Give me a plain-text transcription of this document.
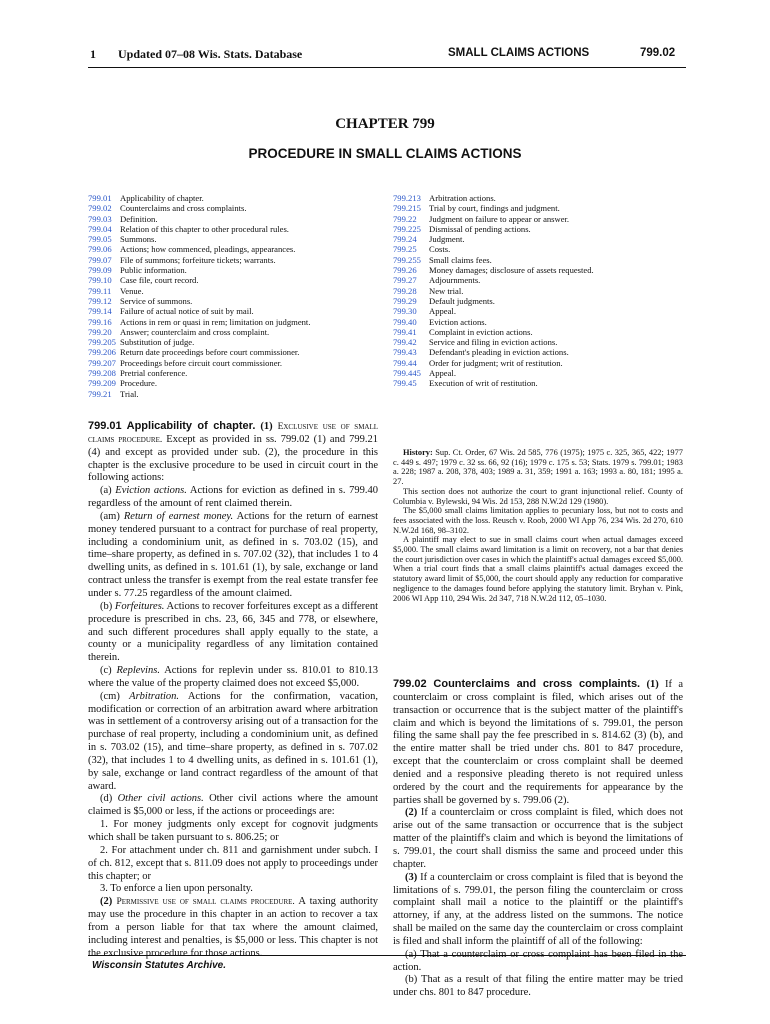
1 Updated 07–08 Wis. Stats. Database	SMALL CLAIMS ACTIONS	799.02
CHAPTER 799
PROCEDURE IN SMALL CLAIMS ACTIONS
799.01 Applicability of chapter.
799.02 Counterclaims and cross complaints.
799.03 Definition.
799.04 Relation of this chapter to other procedural rules.
799.05 Summons.
799.06 Actions; how commenced, pleadings, appearances.
799.07 File of summons; forfeiture tickets; warrants.
799.09 Public information.
799.10 Case file, court record.
799.11	Venue.
799.12 Service of summons.
799.14 Failure of actual notice of suit by mail.
799.16 Actions in rem or quasi in rem; limitation on judgment.
799.20 Answer; counterclaim and cross complaint.
799.205 Substitution of judge.
799.206 Return date proceedings before court commissioner.
799.207 Proceedings before circuit court commissioner.
799.208 Pretrial conference.
799.209 Procedure.
799.21 Trial.
799.213 Arbitration actions.
799.215 Trial by court, findings and judgment.
799.22	Judgment on failure to appear or answer.
799.225 Dismissal of pending actions.
799.24	Judgment.
799.25	Costs.
799.255 Small claims fees.
799.26	Money damages; disclosure of assets requested.
799.27	Adjournments.
799.28	New trial.
799.29	Default judgments.
799.30	Appeal.
799.40	Eviction actions.
799.41	Complaint in eviction actions.
799.42	Service and filing in eviction actions.
799.43	Defendant's pleading in eviction actions.
799.44	Order for judgment; writ of restitution.
799.445 Appeal.
799.45	Execution of writ of restitution.

799.01 Applicability of chapter. (1) Exclusive use of small claims procedure. Except as provided in ss. 799.02 (1) and 799.21 (4) and except as provided under sub. (2), the procedure in this chapter is the exclusive procedure to be used in circuit court in the following actions:

(a) Eviction actions. Actions for eviction as defined in s. 799.40 regardless of the amount of rent claimed therein.

(am) Return of earnest money. Actions for the return of earnest money tendered pursuant to a contract for purchase of real property, including a condominium unit, as defined in s. 703.02 (15), and time–share property, as defined in s. 707.02 (32), that includes 1 to 4 dwelling units, as defined in s. 101.61 (1), by sale, exchange or land contract unless the transfer is exempt from the real estate transfer fee under s. 77.25 regardless of the amount claimed.

(b) Forfeitures. Actions to recover forfeitures except as a different procedure is prescribed in chs. 23, 66, 345 and 778, or elsewhere, and such different procedures shall apply equally to the state, a county or a municipality regardless of any limitation contained therein.

(c) Replevins. Actions for replevin under ss. 810.01 to 810.13 where the value of the property claimed does not exceed $5,000.

(cm) Arbitration. Actions for the confirmation, vacation, modification or correction of an arbitration award where arbitration was in settlement of a controversy arising out of a transaction for the purchase of real property, including a condominium unit, as defined in s. 703.02 (15), and time–share property, as defined in s. 707.02 (32), that includes 1 to 4 dwelling units, as defined in s. 101.61 (1), by sale, exchange or land contract regardless of the amount of that award.

(d) Other civil actions. Other civil actions where the amount claimed is $5,000 or less, if the actions or proceedings are:

1. For money judgments only except for cognovit judgments which shall be taken pursuant to s. 806.25; or

2. For attachment under ch. 811 and garnishment under subch. I of ch. 812, except that s. 811.09 does not apply to proceedings under this chapter; or

3. To enforce a lien upon personalty.

(2) Permissive use of small claims procedure. A taxing authority may use the procedure in this chapter in an action to recover a tax from a person liable for that tax where the amount claimed, including interest and penalties, is $5,000 or less. This chapter is not the exclusive procedure for those actions.

799.02 Counterclaims and cross complaints. (1) If a counterclaim or cross complaint is filed, which arises out of the transaction or occurrence that is the subject matter of the plaintiff's claim and which is beyond the limitations of s. 799.01, the person filing the same shall pay the fee prescribed in s. 814.62 (3) (b), and the entire matter shall be tried under chs. 801 to 847 procedure, except that the counterclaim or cross complaint shall be deemed denied and a responsive pleading thereto is not required unless ordered by the court and the requirements for appearance by the parties shall be governed by s. 799.06 (2).

(2) If a counterclaim or cross complaint is filed, which does not arise out of the same transaction or occurrence that is the subject matter of the plaintiff's claim and which is beyond the limitations of s. 799.01, the court shall dismiss the same and proceed under this chapter.

(3) If a counterclaim or cross complaint is filed that is beyond the limitations of s. 799.01, the person filing the counterclaim or cross complaint shall mail a notice to the plaintiff or the plaintiff's attorney, if any, at the address listed on the summons. The notice shall be mailed on the same day the counterclaim or cross complaint is filed and shall inform the plaintiff of all of the following:

(a) That a counterclaim or cross complaint has been filed in the action.

(b) That as a result of that filing the entire matter may be tried under chs. 801 to 847 procedure.

History: Sup. Ct. Order, 67 Wis. 2d 585, 776 (1975); 1975 c. 325, 365, 422; 1977 c. 449 s. 497; 1979 c. 32 ss. 66, 92 (16); 1979 c. 175 s. 53; Stats. 1979 s. 799.01; 1983 a. 228; 1987 a. 208, 378, 403; 1989 a. 31, 359; 1991 a. 163; 1993 a. 80, 181; 1995 a. 27.

This section does not authorize the court to grant injunctional relief. County of Columbia v. Bylewski, 94 Wis. 2d 153, 288 N.W.2d 129 (1980).

The $5,000 small claims limitation applies to pecuniary loss, but not to costs and fees associated with the loss. Reusch v. Roob, 2000 WI App 76, 234 Wis. 2d 270, 610 N.W.2d 168, 98–3102.

A plaintiff may elect to sue in small claims court when actual damages exceed $5,000. The small claims award limitation is a limit on recovery, not a bar that denies the court jurisdiction over cases in which the plaintiff's actual damages exceed $5,000. When a trial court finds that a small claims plaintiff's actual damages exceed the statutory award limit of $5,000, the court should apply any reduction for comparative negligence to the damages found before applying the statutory limit. Bryhan v. Pink, 2006 WI App 110, 294 Wis. 2d 347, 718 N.W.2d 112, 05–1030.

Wisconsin Statutes Archive.
